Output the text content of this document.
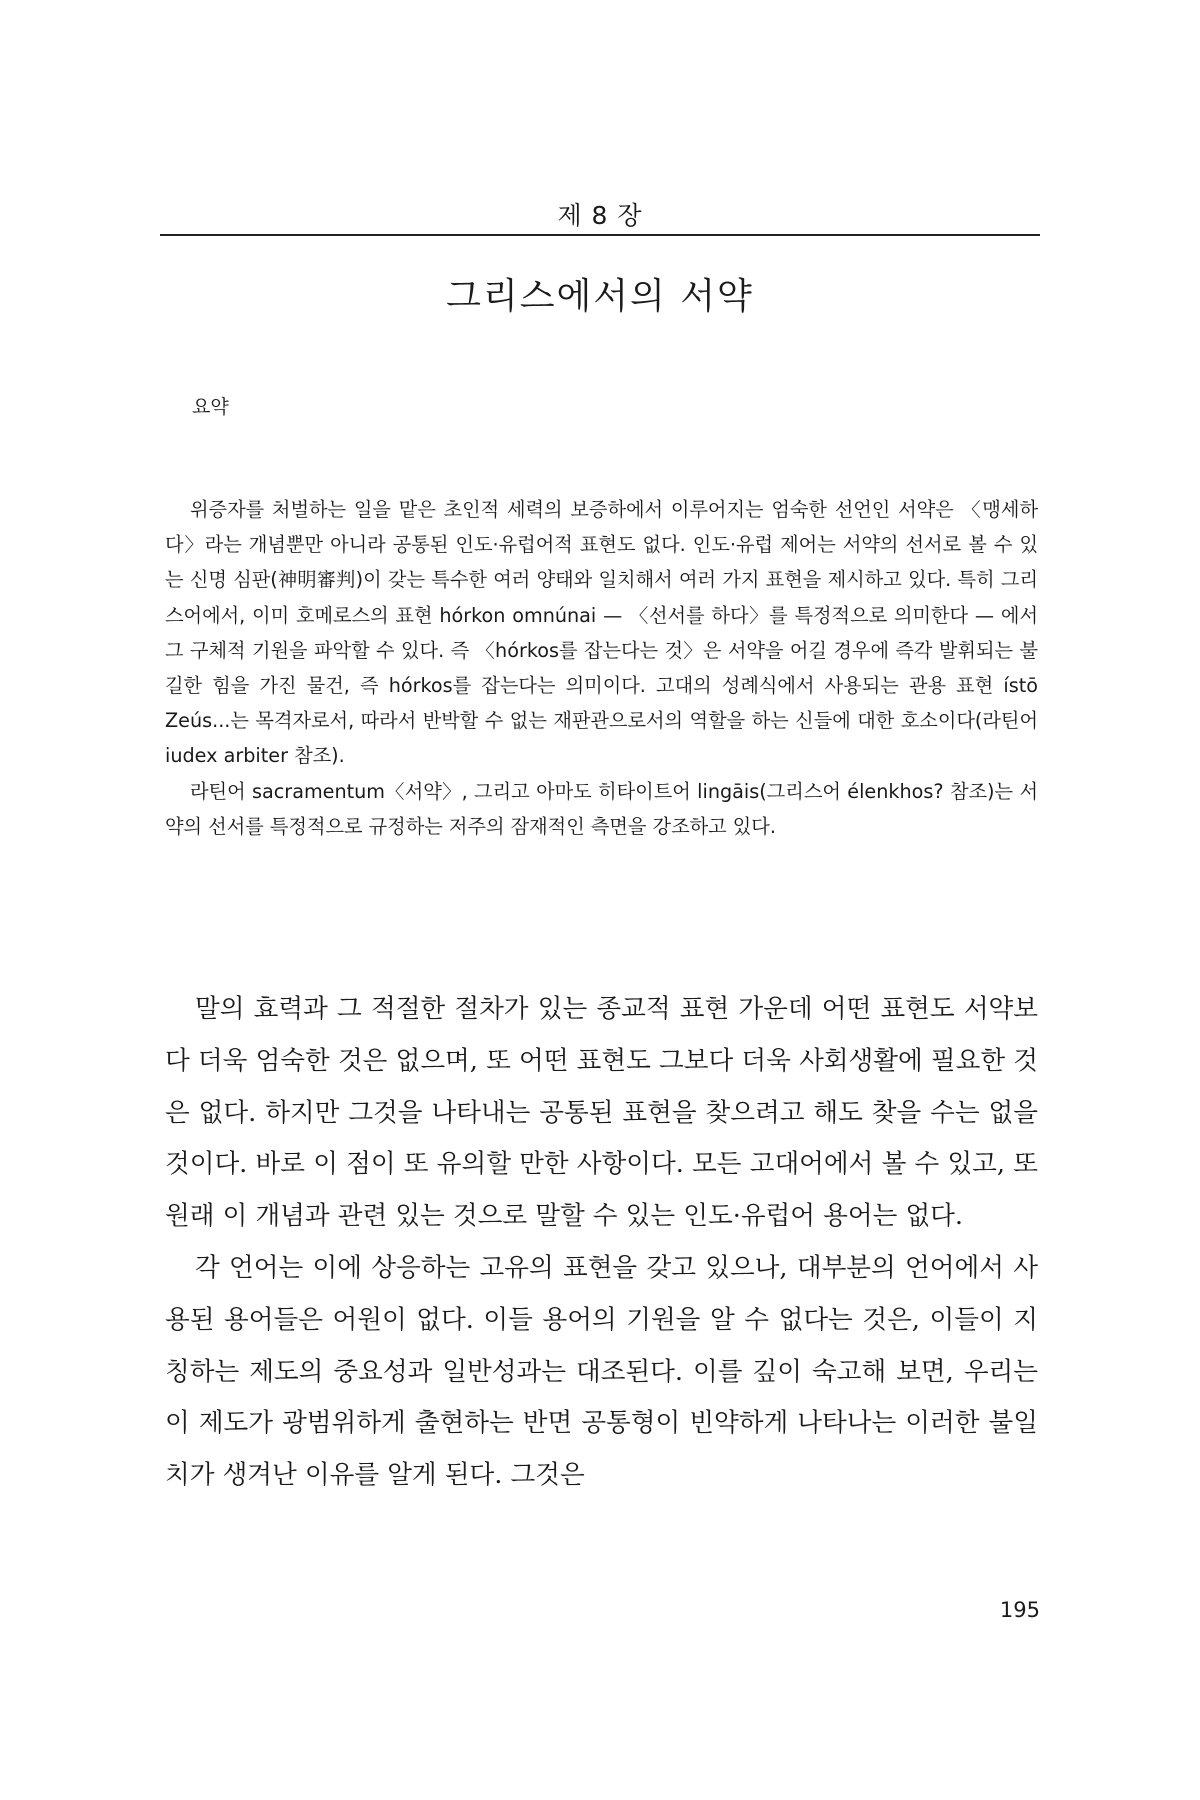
제 8 장
그리스에서의 서약
요약

위증자를 처벌하는 일을 맡은 초인적 세력의 보증하에서 이루어지는 엄숙한 선언인 서약은 〈맹세하다〉라는 개념뿐만 아니라 공통된 인도·유럽어적 표현도 없다. 인도·유럽 제어는 서약의 선서로 볼 수 있는 신명 심판(神明審判)이 갖는 특수한 여러 양태와 일치해서 여러 가지 표현을 제시하고 있다. 특히 그리스어에서, 이미 호메로스의 표현 hórkon omnúnai — 〈선서를 하다〉를 특정적으로 의미한다 — 에서 그 구체적 기원을 파악할 수 있다. 즉 〈hórkos를 잡는다는 것〉은 서약을 어길 경우에 즉각 발휘되는 불길한 힘을 가진 물건, 즉 hórkos를 잡는다는 의미이다. 고대의 성례식에서 사용되는 관용 표현 ístō Zeús...는 목격자로서, 따라서 반박할 수 없는 재판관으로서의 역할을 하는 신들에 대한 호소이다(라틴어 iudex arbiter 참조).

라틴어 sacramentum〈서약〉, 그리고 아마도 히타이트어 lingāis(그리스어 élenkhos? 참조)는 서약의 선서를 특정적으로 규정하는 저주의 잠재적인 측면을 강조하고 있다.

말의 효력과 그 적절한 절차가 있는 종교적 표현 가운데 어떤 표현도 서약보다 더욱 엄숙한 것은 없으며, 또 어떤 표현도 그보다 더욱 사회생활에 필요한 것은 없다. 하지만 그것을 나타내는 공통된 표현을 찾으려고 해도 찾을 수는 없을 것이다. 바로 이 점이 또 유의할 만한 사항이다. 모든 고대어에서 볼 수 있고, 또 원래 이 개념과 관련 있는 것으로 말할 수 있는 인도·유럽어 용어는 없다.

각 언어는 이에 상응하는 고유의 표현을 갖고 있으나, 대부분의 언어에서 사용된 용어들은 어원이 없다. 이들 용어의 기원을 알 수 없다는 것은, 이들이 지칭하는 제도의 중요성과 일반성과는 대조된다. 이를 깊이 숙고해 보면, 우리는 이 제도가 광범위하게 출현하는 반면 공통형이 빈약하게 나타나는 이러한 불일치가 생겨난 이유를 알게 된다. 그것은

195
